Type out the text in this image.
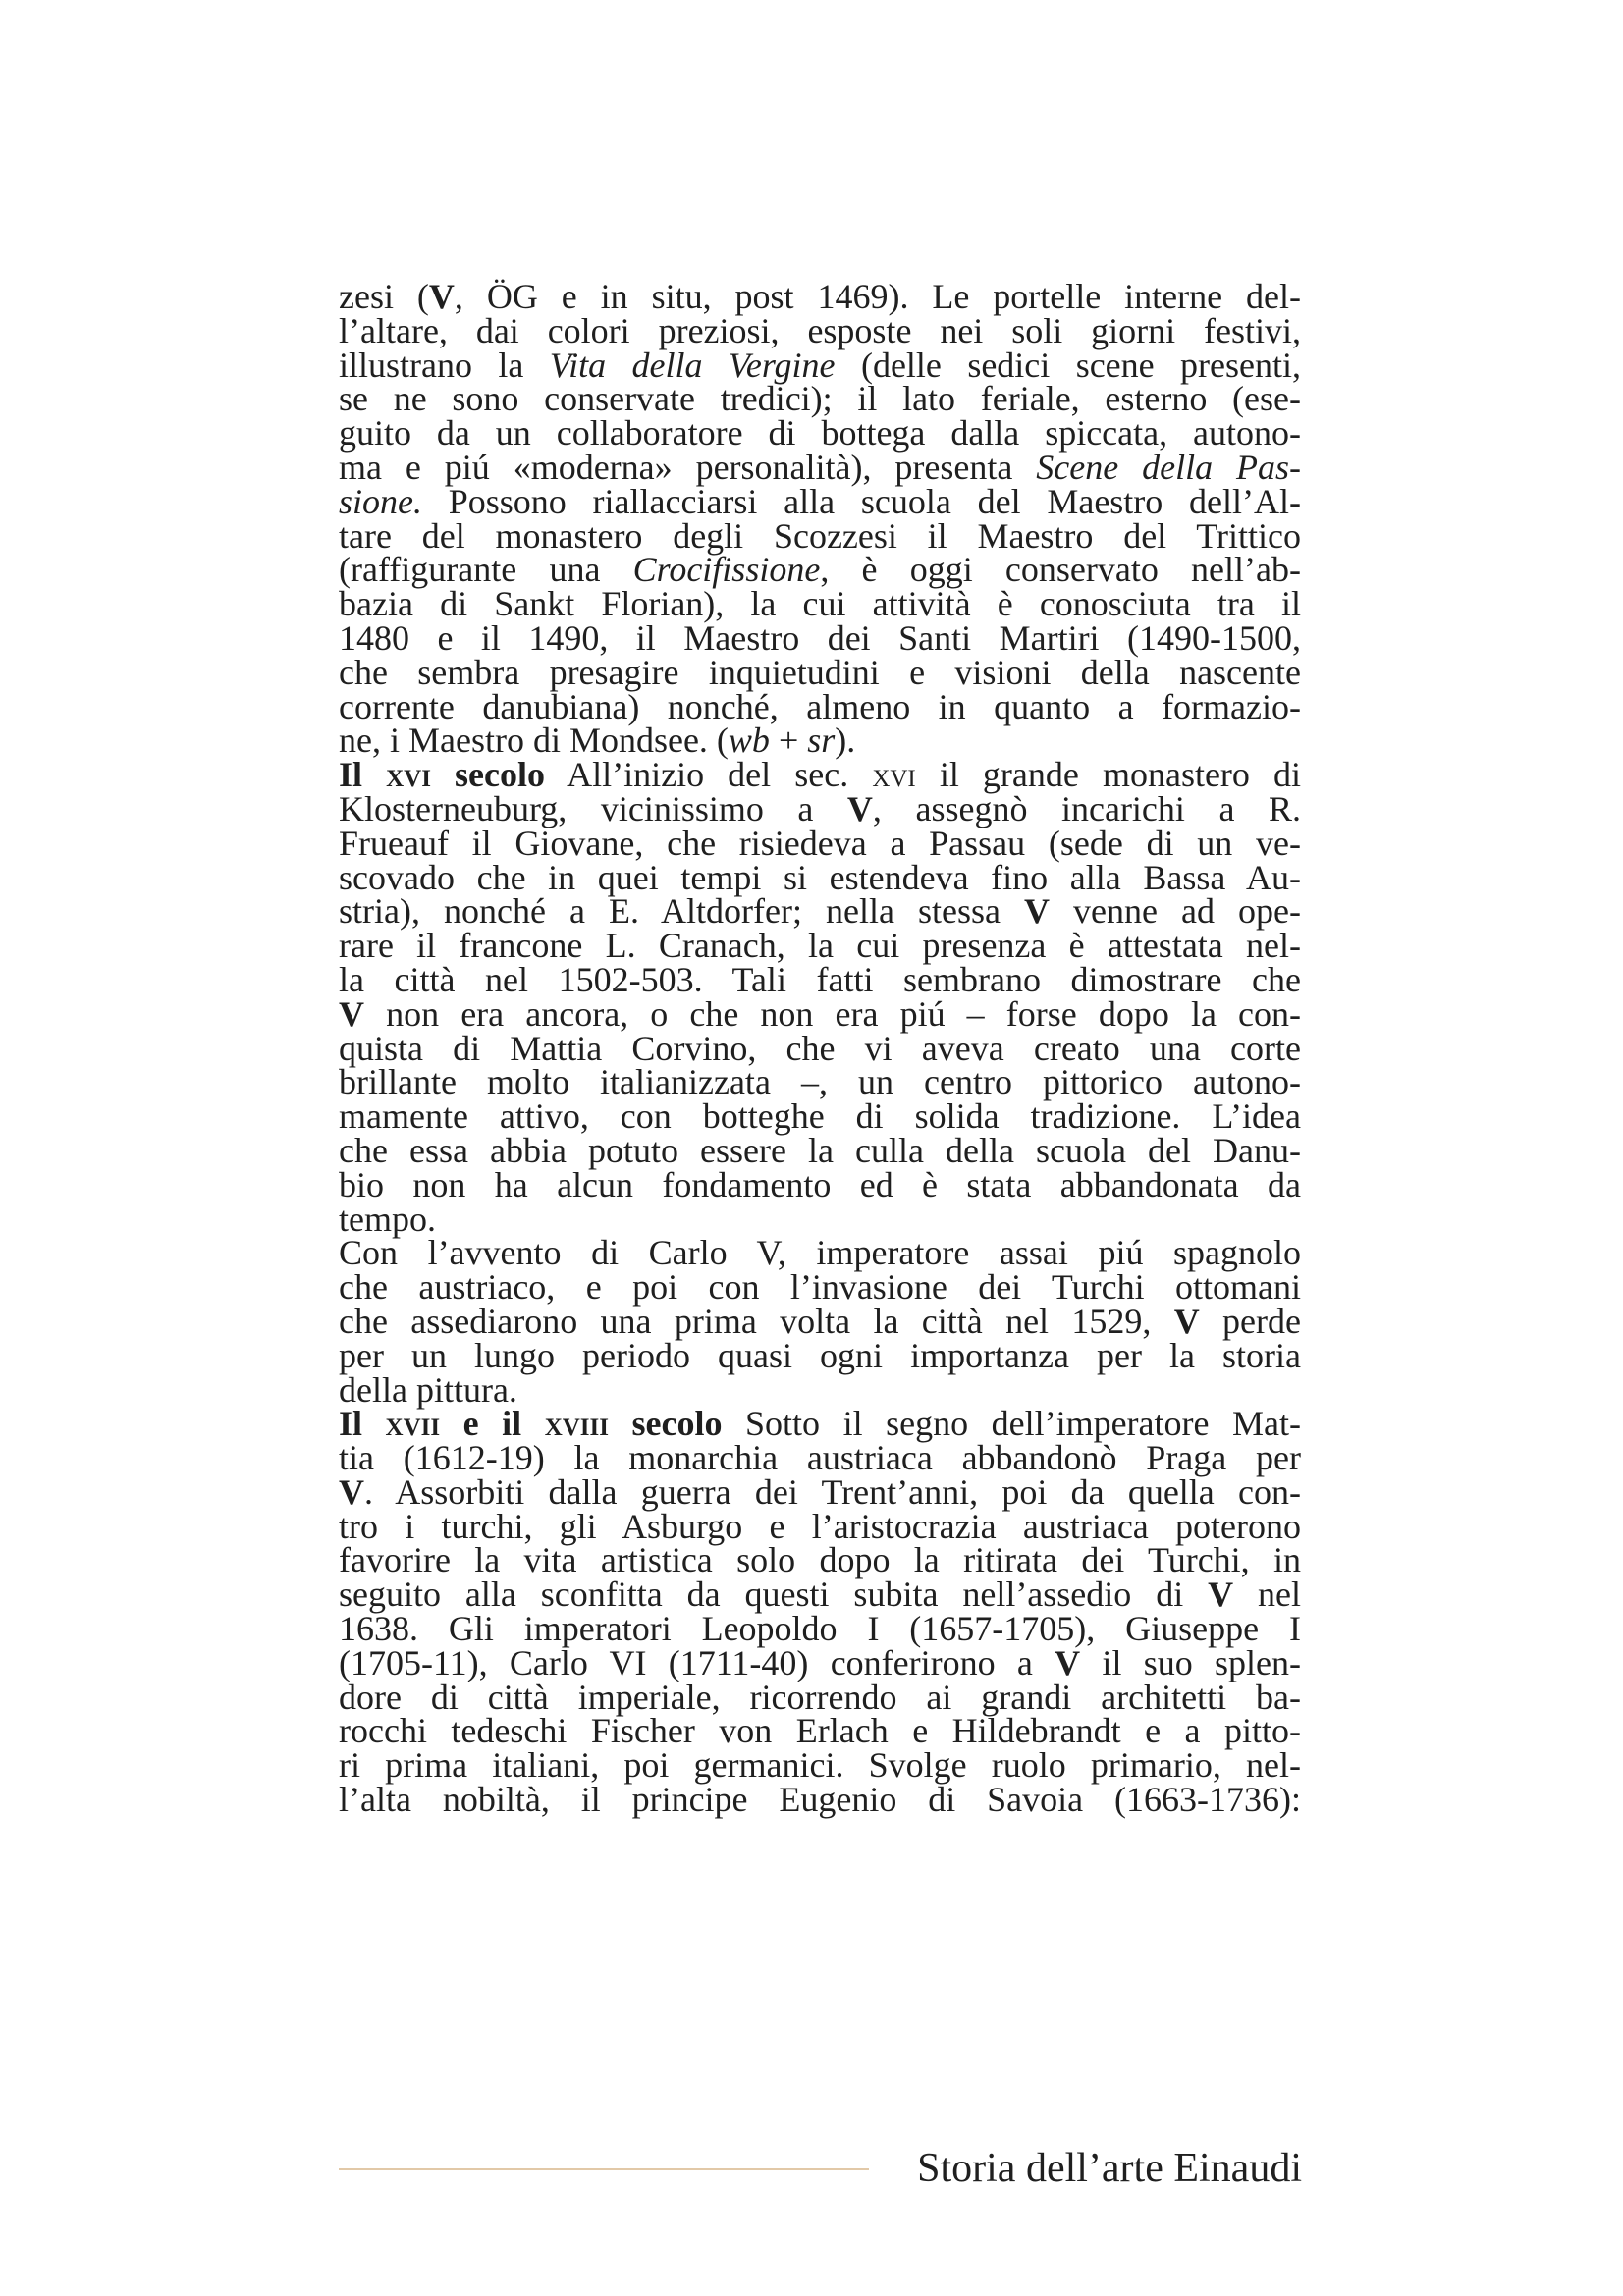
zesi (V, ÖG e in situ, post 1469). Le portelle interne del-
l’altare, dai colori preziosi, esposte nei soli giorni festivi,
illustrano la Vita della Vergine (delle sedici scene presenti,
se ne sono conservate tredici); il lato feriale, esterno (ese-
guito da un collaboratore di bottega dalla spiccata, autono-
ma e piú «moderna» personalità), presenta Scene della Pas-
sione. Possono riallacciarsi alla scuola del Maestro dell’Al-
tare del monastero degli Scozzesi il Maestro del Trittico
(raffigurante una Crocifissione, è oggi conservato nell’ab-
bazia di Sankt Florian), la cui attività è conosciuta tra il
1480 e il 1490, il Maestro dei Santi Martiri (1490-1500,
che sembra presagire inquietudini e visioni della nascente
corrente danubiana) nonché, almeno in quanto a formazio-
ne, i Maestro di Mondsee. (wb + sr).
Il xvi secolo All’inizio del sec. xvi il grande monastero di
Klosterneuburg, vicinissimo a V, assegnò incarichi a R.
Frueauf il Giovane, che risiedeva a Passau (sede di un ve-
scovado che in quei tempi si estendeva fino alla Bassa Au-
stria), nonché a E. Altdorfer; nella stessa V venne ad ope-
rare il francone L. Cranach, la cui presenza è attestata nel-
la città nel 1502-503. Tali fatti sembrano dimostrare che
V non era ancora, o che non era piú – forse dopo la con-
quista di Mattia Corvino, che vi aveva creato una corte
brillante molto italianizzata –, un centro pittorico autono-
mamente attivo, con botteghe di solida tradizione. L’idea
che essa abbia potuto essere la culla della scuola del Danu-
bio non ha alcun fondamento ed è stata abbandonata da
tempo.
Con l’avvento di Carlo V, imperatore assai piú spagnolo
che austriaco, e poi con l’invasione dei Turchi ottomani
che assediarono una prima volta la città nel 1529, V perde
per un lungo periodo quasi ogni importanza per la storia
della pittura.
Il xvii e il xviii secolo Sotto il segno dell’imperatore Mat-
tia (1612-19) la monarchia austriaca abbandonò Praga per
V. Assorbiti dalla guerra dei Trent’anni, poi da quella con-
tro i turchi, gli Asburgo e l’aristocrazia austriaca poterono
favorire la vita artistica solo dopo la ritirata dei Turchi, in
seguito alla sconfitta da questi subita nell’assedio di V nel
1638. Gli imperatori Leopoldo I (1657-1705), Giuseppe I
(1705-11), Carlo VI (1711-40) conferirono a V il suo splen-
dore di città imperiale, ricorrendo ai grandi architetti ba-
rocchi tedeschi Fischer von Erlach e Hildebrandt e a pitto-
ri prima italiani, poi germanici. Svolge ruolo primario, nel-
l’alta nobiltà, il principe Eugenio di Savoia (1663-1736):
Storia dell’arte Einaudi
